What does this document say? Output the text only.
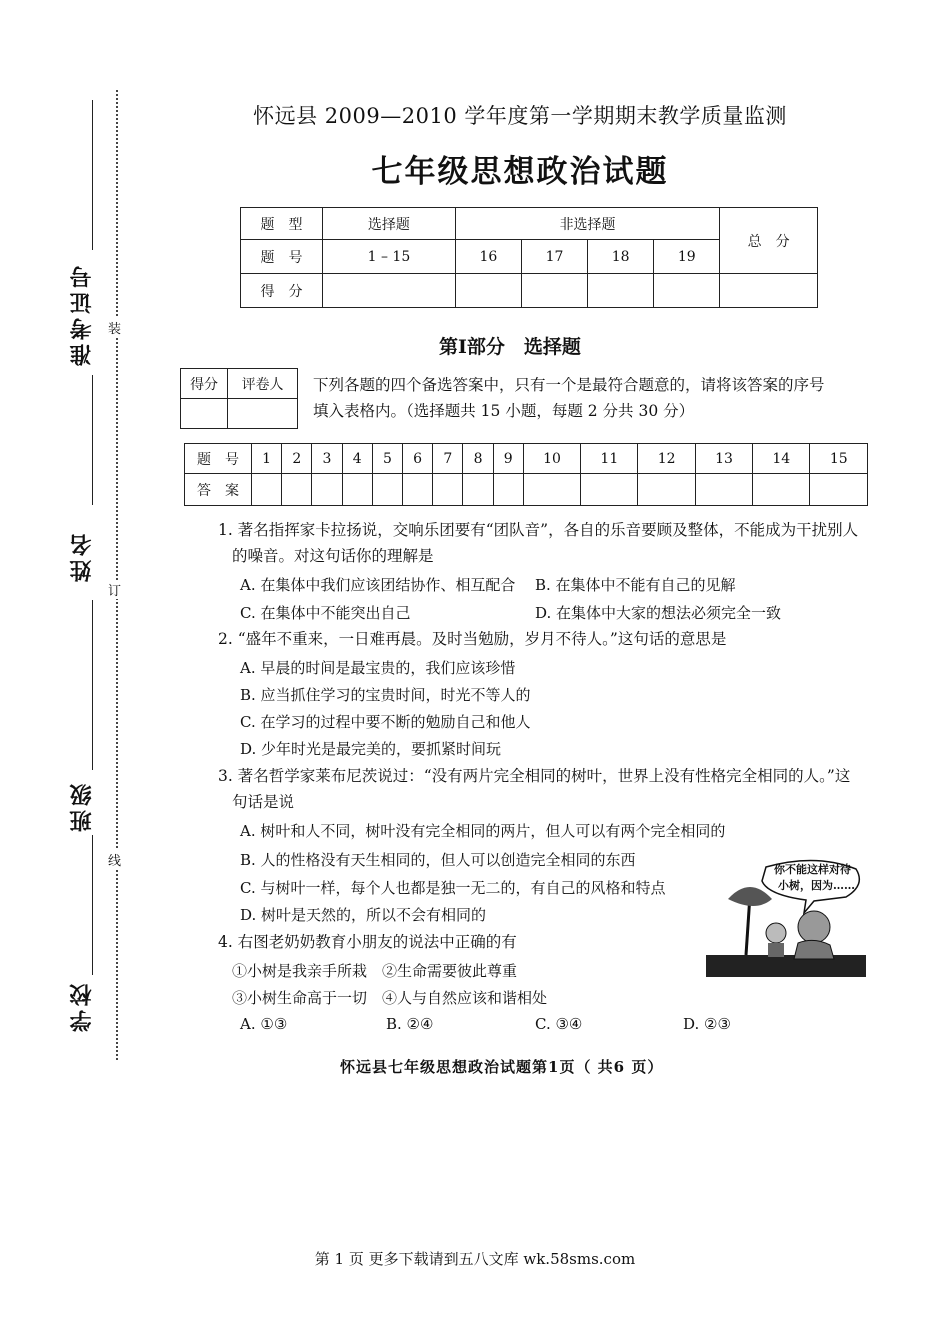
准考证号
姓名
班级
学校
装
订
线
怀远县 2009—2010 学年度第一学期期末教学质量监测
七年级思想政治试题
题　型	选择题	非选择题				总　分
题　号	1 – 15	16	17	18	19	
得　分						
第Ⅰ部分　选择题
得分	评卷人
	下列各题的四个备选答案中，只有一个是最符合题意的，请将该答案的序号
填入表格内。（选择题共 15 小题，每题 2 分共 30 分）
题　号	1	2	3	4	5	6	7	8	9	10	11	12	13	14	15
答　案															
1. 著名指挥家卡拉扬说，交响乐团要有“团队音”，各自的乐音要顾及整体，不能成为干扰别人
的噪音。对这句话你的理解是
A. 在集体中我们应该团结协作、相互配合 B. 在集体中不能有自己的见解
C. 在集体中不能突出自己	D. 在集体中大家的想法必须完全一致
2. “盛年不重来，一日难再晨。及时当勉励，岁月不待人。”这句话的意思是
A. 早晨的时间是最宝贵的，我们应该珍惜
B. 应当抓住学习的宝贵时间，时光不等人的
C. 在学习的过程中要不断的勉励自己和他人
D. 少年时光是最完美的，要抓紧时间玩
3. 著名哲学家莱布尼茨说过：“没有两片完全相同的树叶，世界上没有性格完全相同的人。”这
句话是说
A. 树叶和人不同，树叶没有完全相同的两片，但人可以有两个完全相同的
B. 人的性格没有天生相同的，但人可以创造完全相同的东西
C. 与树叶一样，每个人也都是独一无二的，有自己的风格和特点
D. 树叶是天然的，所以不会有相同的
4. 右图老奶奶教育小朋友的说法中正确的有
①小树是我亲手所栽　②生命需要彼此尊重
③小树生命高于一切　④人与自然应该和谐相处
A. ①③	B. ②④	C. ③④	D. ②③
你不能这样对待
小树，因为……
怀远县七年级思想政治试题第1页（ 共6 页）
第 1 页 更多下载请到五八文库 wk.58sms.com
